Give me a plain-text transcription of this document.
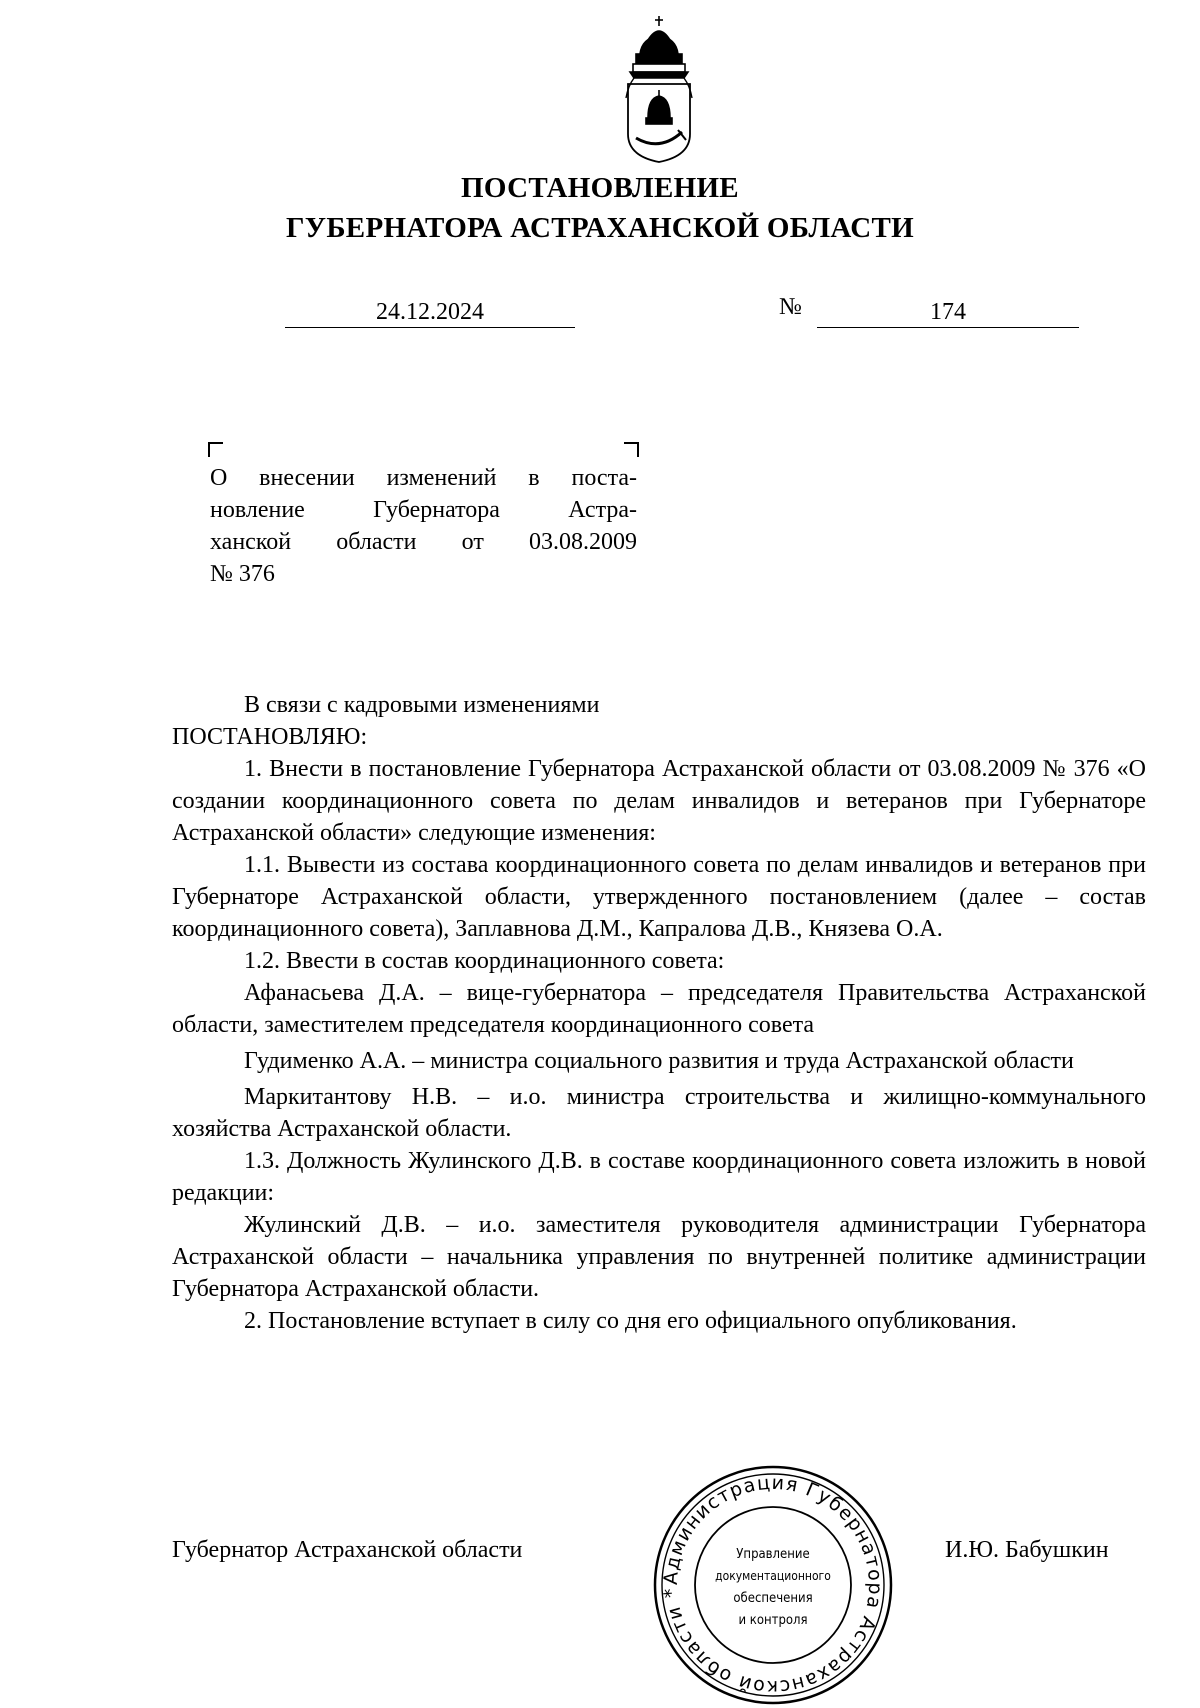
ПОСТАНОВЛЕНИЕ
ГУБЕРНАТОРА АСТРАХАНСКОЙ ОБЛАСТИ
24.12.2024	№	174
О внесении изменений в поста-
новление Губернатора Астра-
ханской области от 03.08.2009
№ 376

В связи с кадровыми изменениями

ПОСТАНОВЛЯЮ:

1. Внести в постановление Губернатора Астраханской области от 03.08.2009 № 376 «О создании координационного совета по делам инвалидов и ветеранов при Губернаторе Астраханской области» следующие изменения:

1.1. Вывести из состава координационного совета по делам инвалидов и ветеранов при Губернаторе Астраханской области, утвержденного постановлением (далее – состав координационного совета), Заплавнова Д.М., Капралова Д.В., Князева О.А.

1.2. Ввести в состав координационного совета:

Афанасьева Д.А. – вице-губернатора – председателя Правительства Астраханской области, заместителем председателя координационного совета

Гудименко А.А. – министра социального развития и труда Астраханской области

Маркитантову Н.В. – и.о. министра строительства и жилищно-коммунального хозяйства Астраханской области.

1.3. Должность Жулинского Д.В. в составе координационного совета изложить в новой редакции:

Жулинский Д.В. – и.о. заместителя руководителя администрации Губернатора Астраханской области – начальника управления по внутренней политике администрации Губернатора Астраханской области.

2. Постановление вступает в силу со дня его официального опубликования.

Губернатор Астраханской области	И.Ю. Бабушкин
Администрация Губернатора Астраханской области *
Управление
документационного
обеспечения
и контроля
